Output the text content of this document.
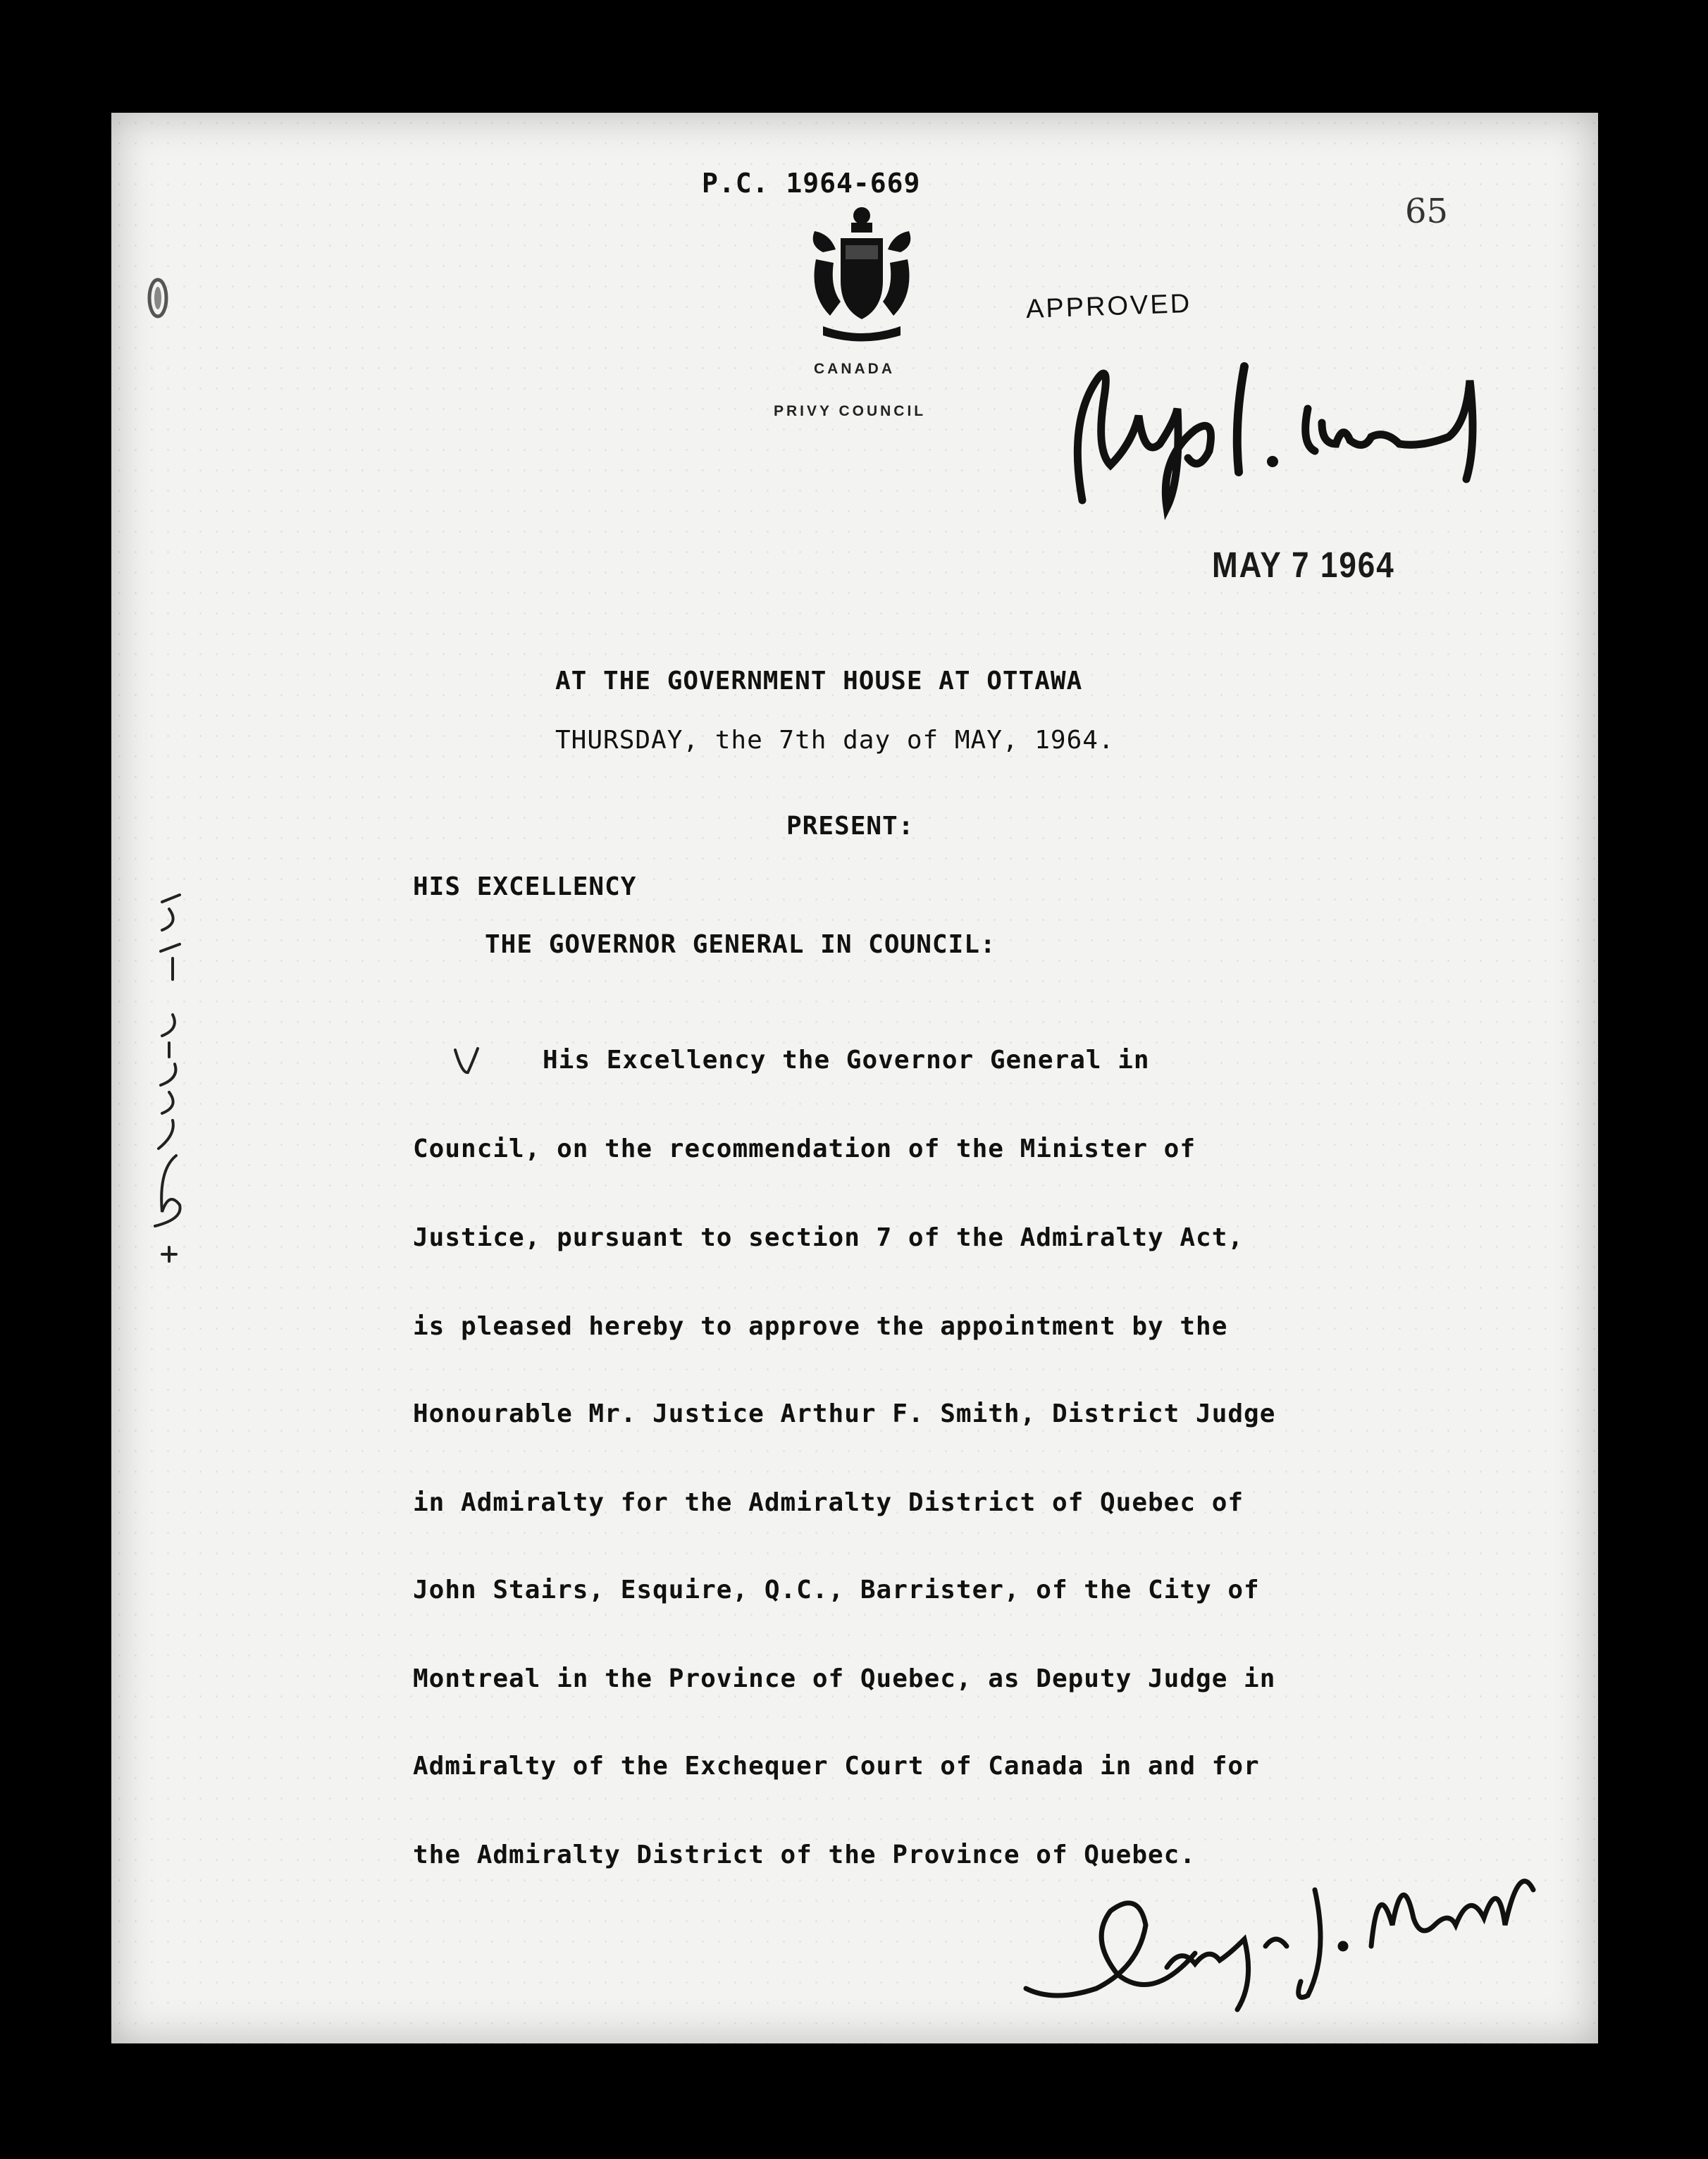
P.C. 1964-669
65
CANADA
PRIVY COUNCIL
APPROVED
MAY 7 1964
AT THE GOVERNMENT HOUSE AT OTTAWA
THURSDAY, the 7th day of MAY, 1964.
PRESENT:
HIS EXCELLENCY
THE GOVERNOR GENERAL IN COUNCIL:
His Excellency the Governor General in
Council, on the recommendation of the Minister of
Justice, pursuant to section 7 of the Admiralty Act,
is pleased hereby to approve the appointment by the
Honourable Mr. Justice Arthur F. Smith, District Judge
in Admiralty for the Admiralty District of Quebec of
John Stairs, Esquire, Q.C., Barrister, of the City of
Montreal in the Province of Quebec, as Deputy Judge in
Admiralty of the Exchequer Court of Canada in and for
the Admiralty District of the Province of Quebec.
